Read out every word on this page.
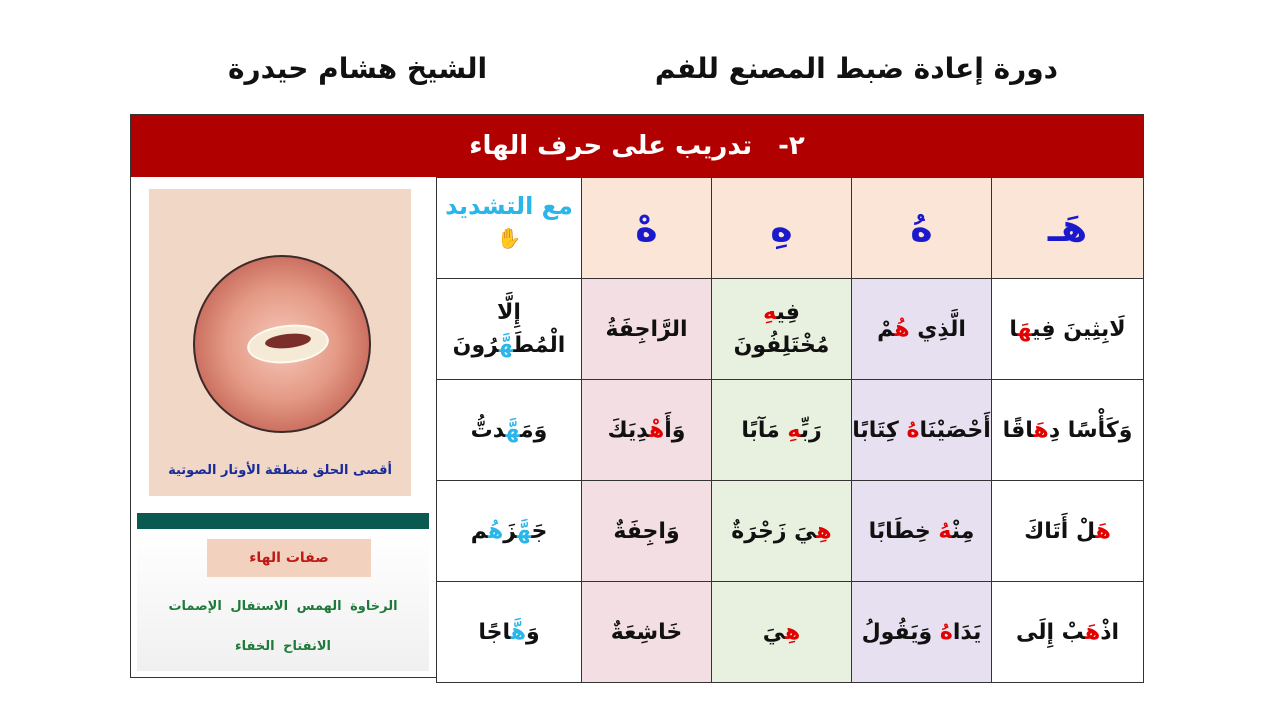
دورة إعادة ضبط المصنع للفم
الشيخ هشام حيدرة
٢-
تدريب على حرف الهاء
هَـ	هُ	هِ	هْ	مع التشديد
✋

لَابِثِينَ فِيهَا	الَّذِي هُمْ	فِيهِ مُخْتَلِفُونَ	الرَّاجِفَةُ	إِلَّا الْمُطَهَّرُونَ

وَكَأْسًا دِهَاقًا	أَحْصَيْنَاهُ كِتَابًا	رَبِّهِ مَآبًا	وَأَهْدِيَكَ	وَمَهَّدتُّ

هَلْ أَتَاكَ	مِنْهُ خِطَابًا	هِيَ زَجْرَةٌ	وَاجِفَةٌ	جَهَّزَهُم

اذْهَبْ إِلَى	يَدَاهُ وَيَقُولُ	هِيَ	خَاشِعَةٌ	وَهَّاجًا
أقصى الحلق منطقة الأوتار الصوتية
صفات الهاء
الرخاوة الهمس الاستفال الإصمات
الانفتاح الخفاء
